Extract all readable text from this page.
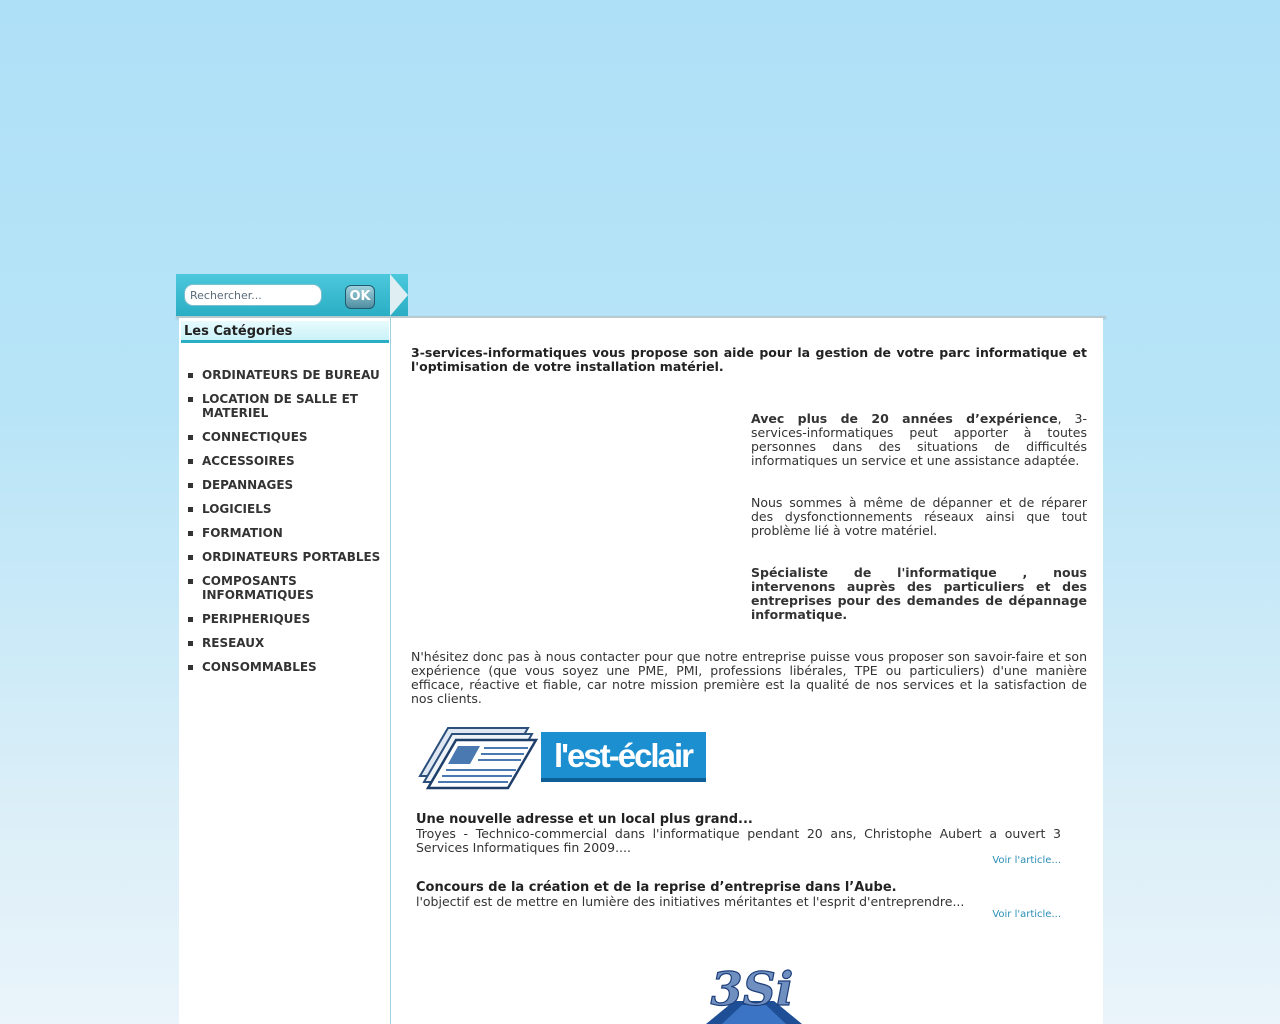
Rechercher...
OK
Les Catégories
ORDINATEURS DE BUREAU
LOCATION DE SALLE ET MATERIEL
CONNECTIQUES
ACCESSOIRES
DEPANNAGES
LOGICIELS
FORMATION
ORDINATEURS PORTABLES
COMPOSANTS INFORMATIQUES
PERIPHERIQUES
RESEAUX
CONSOMMABLES
3-services-informatiques vous propose son aide pour la gestion de votre parc informatique et l'optimisation de votre installation matériel.

Avec plus de 20 années d’expérience, 3-services-informatiques peut apporter à toutes personnes dans des situations de difficultés informatiques un service et une assistance adaptée.

Nous sommes à même de dépanner et de réparer des dysfonctionnements réseaux ainsi que tout problème lié à votre matériel.

Spécialiste de l'informatique , nous intervenons auprès des particuliers et des entreprises pour des demandes de dépannage informatique.

N'hésitez donc pas à nous contacter pour que notre entreprise puisse vous proposer son savoir-faire et son expérience (que vous soyez une PME, PMI, professions libérales, TPE ou particuliers) d'une manière efficace, réactive et fiable, car notre mission première est la qualité de nos services et la satisfaction de nos clients.
l'est-éclair
Une nouvelle adresse et un local plus grand...
Troyes - Technico-commercial dans l'informatique pendant 20 ans, Christophe Aubert a ouvert 3 Services Informatiques fin 2009....
Voir l'article...
Concours de la création et de la reprise d’entreprise dans l’Aube.
l'objectif est de mettre en lumière des initiatives méritantes et l'esprit d'entreprendre...
Voir l'article...
3Si
